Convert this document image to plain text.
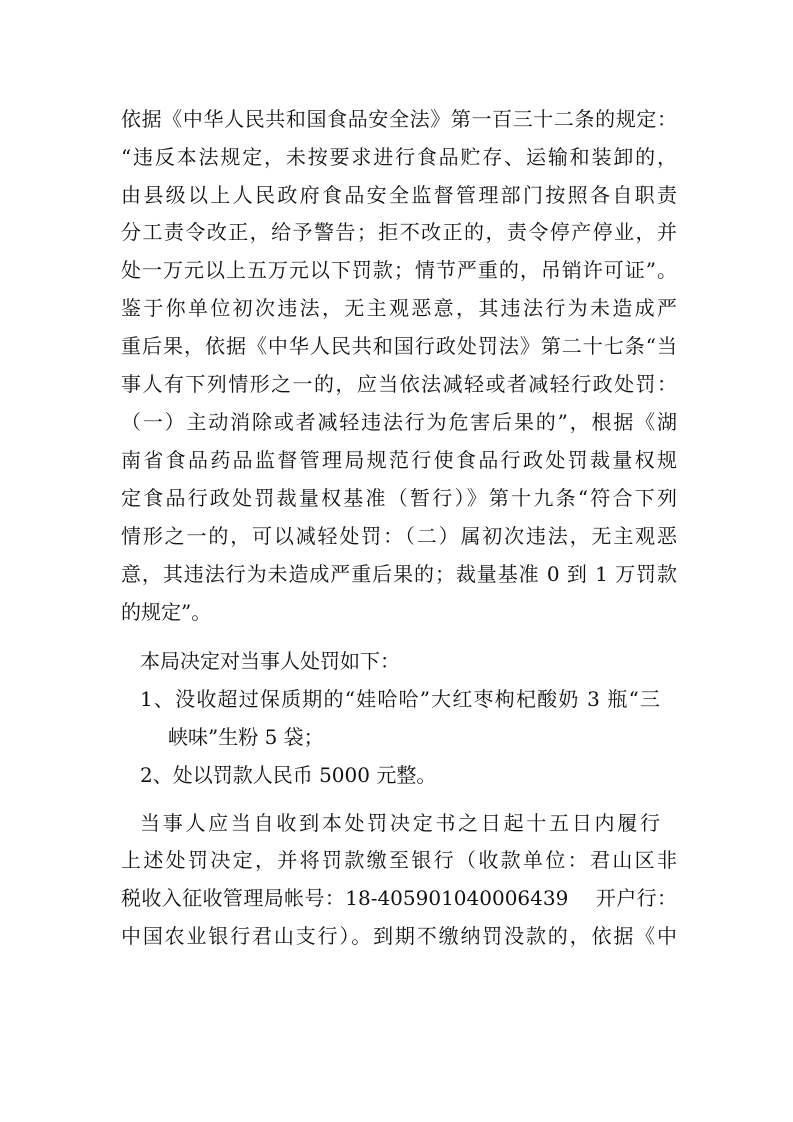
依据《中华人民共和国食品安全法》第一百三十二条的规定：
“违反本法规定，未按要求进行食品贮存、运输和装卸的，
由县级以上人民政府食品安全监督管理部门按照各自职责
分工责令改正，给予警告；拒不改正的，责令停产停业，并
处一万元以上五万元以下罚款；情节严重的，吊销许可证”。
鉴于你单位初次违法，无主观恶意，其违法行为未造成严
重后果，依据《中华人民共和国行政处罚法》第二十七条“当
事人有下列情形之一的，应当依法减轻或者减轻行政处罚：
（一）主动消除或者减轻违法行为危害后果的”，根据《湖
南省食品药品监督管理局规范行使食品行政处罚裁量权规
定食品行政处罚裁量权基准（暂行）》第十九条“符合下列
情形之一的，可以减轻处罚：（二）属初次违法，无主观恶
意，其违法行为未造成严重后果的；裁量基准 0 到 1 万罚款
的规定”。
本局决定对当事人处罚如下：
1、没收超过保质期的“娃哈哈”大红枣枸杞酸奶 3 瓶“三
峡味”生粉 5 袋；
2、处以罚款人民币 5000 元整。
当事人应当自收到本处罚决定书之日起十五日内履行
上述处罚决定，并将罚款缴至银行（收款单位：君山区非
税收入征收管理局帐号：18-405901040006439　 开户行：
中国农业银行君山支行）。到期不缴纳罚没款的，依据《中
